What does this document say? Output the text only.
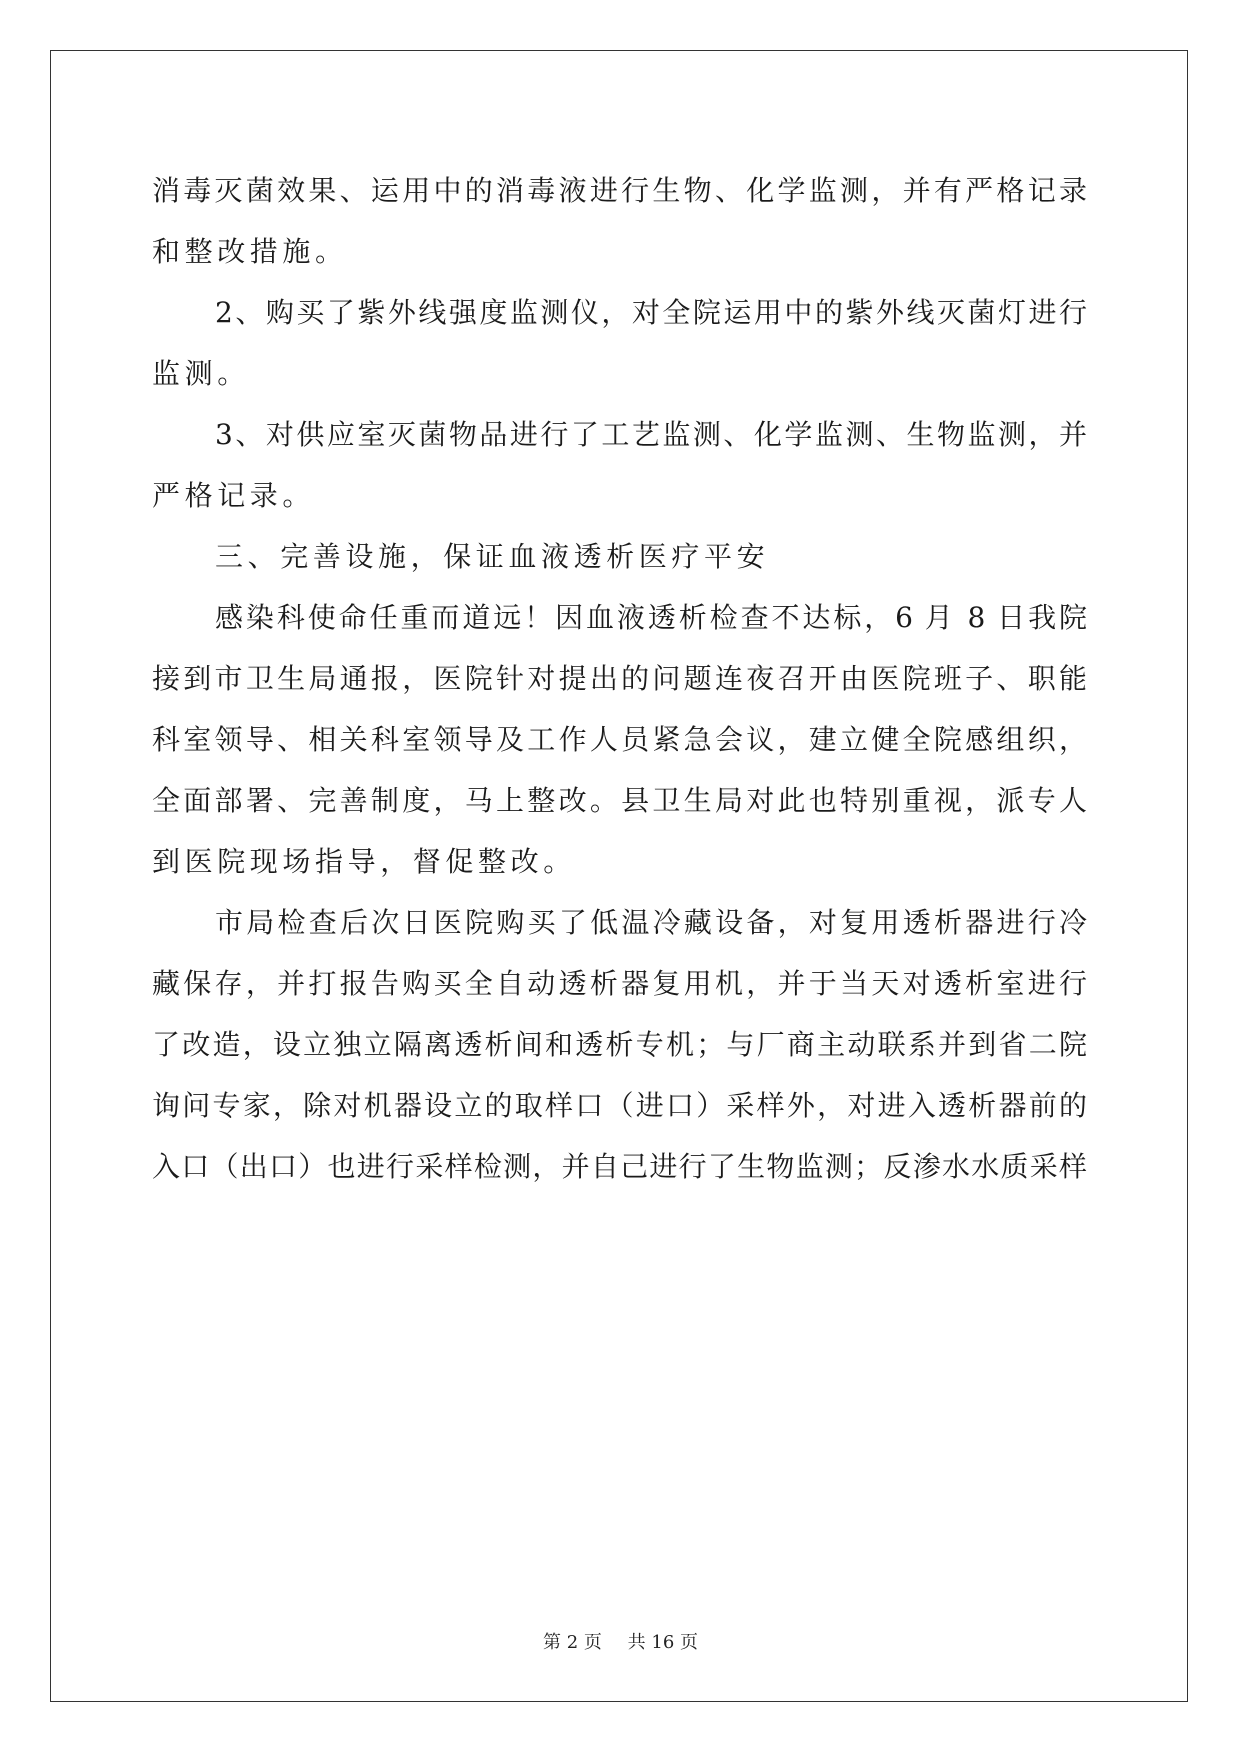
消毒灭菌效果、运用中的消毒液进行生物、化学监测，并有严格记录
和整改措施。
2、购买了紫外线强度监测仪，对全院运用中的紫外线灭菌灯进行
监测。
3、对供应室灭菌物品进行了工艺监测、化学监测、生物监测，并
严格记录。
三、完善设施，保证血液透析医疗平安
感染科使命任重而道远！因血液透析检查不达标，6 月 8 日我院
接到市卫生局通报，医院针对提出的问题连夜召开由医院班子、职能
科室领导、相关科室领导及工作人员紧急会议，建立健全院感组织，
全面部署、完善制度，马上整改。县卫生局对此也特别重视，派专人
到医院现场指导，督促整改。
市局检查后次日医院购买了低温冷藏设备，对复用透析器进行冷
藏保存，并打报告购买全自动透析器复用机，并于当天对透析室进行
了改造，设立独立隔离透析间和透析专机；与厂商主动联系并到省二院
询问专家，除对机器设立的取样口（进口）采样外，对进入透析器前的
入口（出口）也进行采样检测，并自己进行了生物监测；反渗水水质采样
第 2 页 共 16 页
